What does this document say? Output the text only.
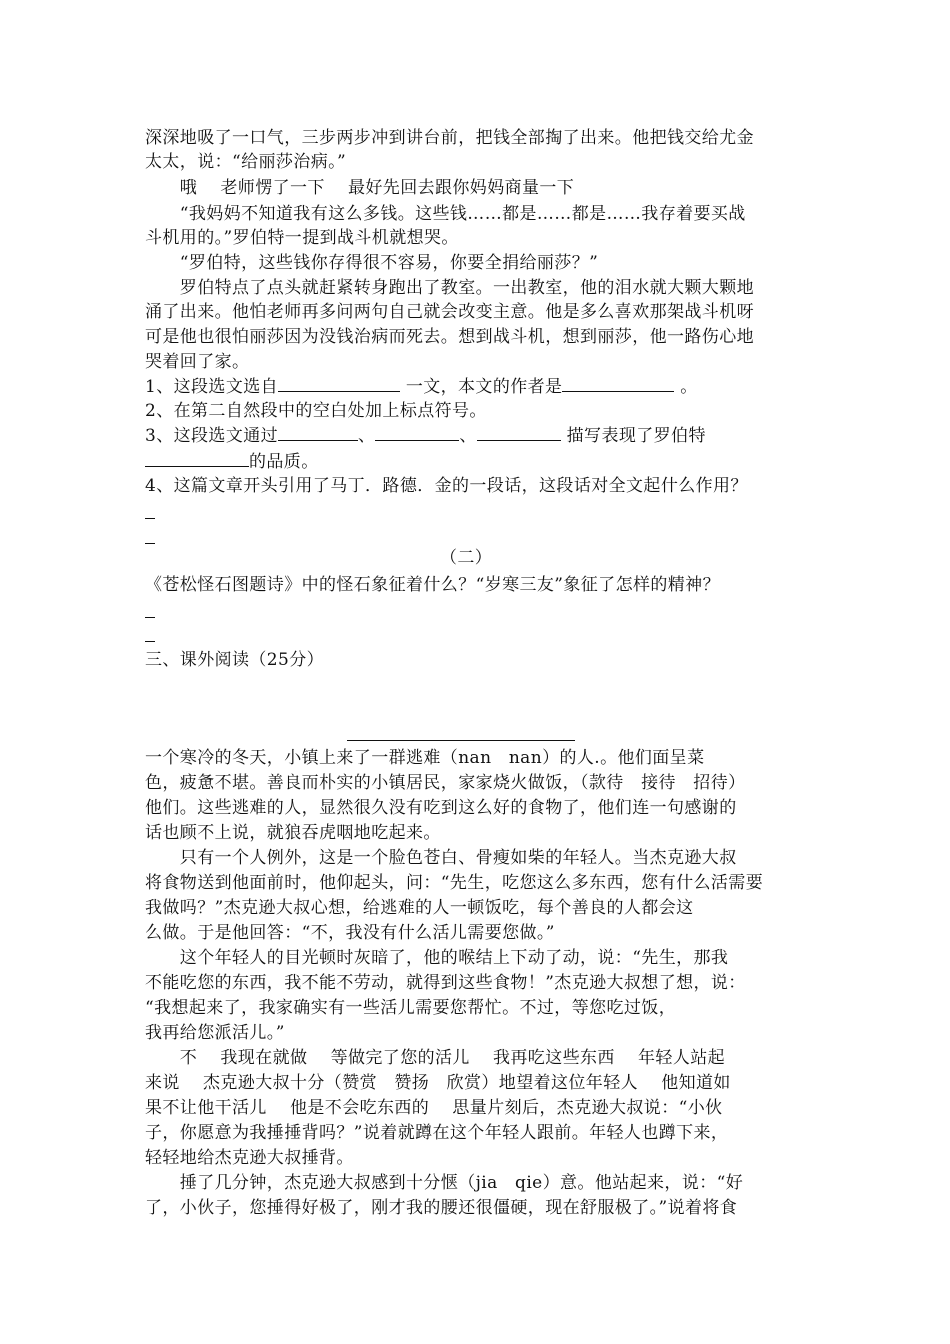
深深地吸了一口气，三步两步冲到讲台前，把钱全部掏了出来。他把钱交给尤金
太太，说：“给丽莎治病。”
　　哦　 老师愣了一下　 最好先回去跟你妈妈商量一下
　　“我妈妈不知道我有这么多钱。这些钱……都是……都是……我存着要买战
斗机用的。”罗伯特一提到战斗机就想哭。
　　“罗伯特，这些钱你存得很不容易，你要全捐给丽莎？”
　　罗伯特点了点头就赶紧转身跑出了教室。一出教室，他的泪水就大颗大颗地
涌了出来。他怕老师再多问两句自己就会改变主意。他是多么喜欢那架战斗机呀
可是他也很怕丽莎因为没钱治病而死去。想到战斗机，想到丽莎，他一路伤心地
哭着回了家。
1、这段选文选自	一文，本文的作者是	。
2、在第二自然段中的空白处加上标点符号。
3、这段选文通过	、	、	描写表现了罗伯特
的品质。
4、这篇文章开头引用了马丁．路德．金的一段话，这段话对全文起什么作用？
（二）
《苍松怪石图题诗》中的怪石象征着什么？“岁寒三友”象征了怎样的精神？
三、课外阅读（25分）
一个寒冷的冬天，小镇上来了一群逃难（nan　nan）的人.。他们面呈菜
色，疲惫不堪。善良而朴实的小镇居民，家家烧火做饭，（款待　接待　招待）
他们。这些逃难的人，显然很久没有吃到这么好的食物了，他们连一句感谢的
话也顾不上说，就狼吞虎咽地吃起来。
　　只有一个人例外，这是一个脸色苍白、骨瘦如柴的年轻人。当杰克逊大叔
将食物送到他面前时，他仰起头，问：“先生，吃您这么多东西，您有什么活需要
我做吗？”杰克逊大叔心想，给逃难的人一顿饭吃，每个善良的人都会这
么做。于是他回答：“不，我没有什么活儿需要您做。”
　　这个年轻人的目光顿时灰暗了，他的喉结上下动了动，说：“先生，那我
不能吃您的东西，我不能不劳动，就得到这些食物！”杰克逊大叔想了想，说：
“我想起来了，我家确实有一些活儿需要您帮忙。不过，等您吃过饭，
我再给您派活儿。”
　　不　 我现在就做　 等做完了您的活儿　 我再吃这些东西　 年轻人站起
来说　 杰克逊大叔十分（赞赏　赞扬　欣赏）地望着这位年轻人　 他知道如
果不让他干活儿　 他是不会吃东西的　 思量片刻后，杰克逊大叔说：“小伙
子，你愿意为我捶捶背吗？”说着就蹲在这个年轻人跟前。年轻人也蹲下来，
轻轻地给杰克逊大叔捶背。
　　捶了几分钟，杰克逊大叔感到十分惬（jia　qie）意。他站起来，说：“好
了，小伙子，您捶得好极了，刚才我的腰还很僵硬，现在舒服极了。”说着将食
